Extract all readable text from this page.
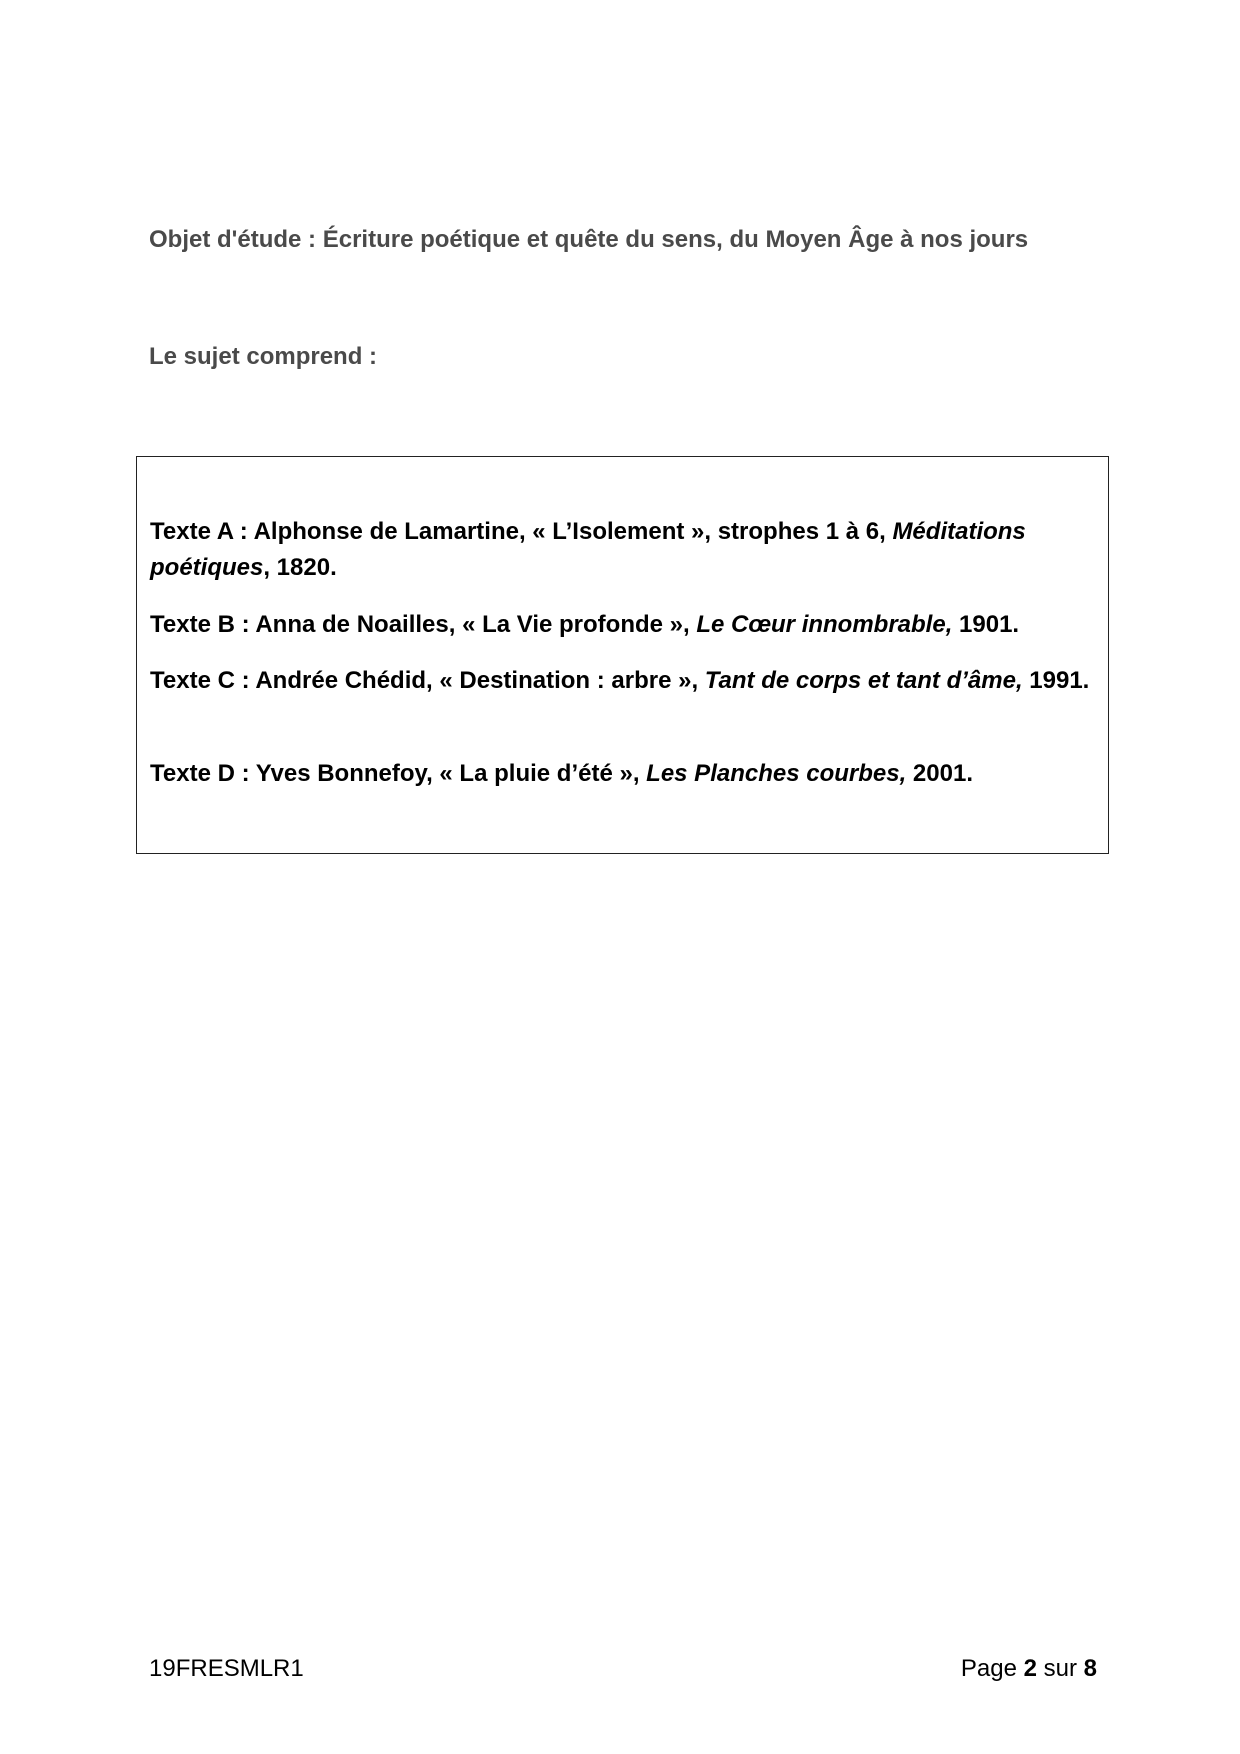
Objet d'étude : Écriture poétique et quête du sens, du Moyen Âge à nos jours

Le sujet comprend :

Texte A : Alphonse de Lamartine, « L’Isolement », strophes 1 à 6, Méditations poétiques, 1820.

Texte B : Anna de Noailles, « La Vie profonde », Le Cœur innombrable, 1901.

Texte C : Andrée Chédid, « Destination : arbre », Tant de corps et tant d’âme, 1991.

Texte D : Yves Bonnefoy, « La pluie d’été », Les Planches courbes, 2001.

19FRESMLR1	Page 2 sur 8
